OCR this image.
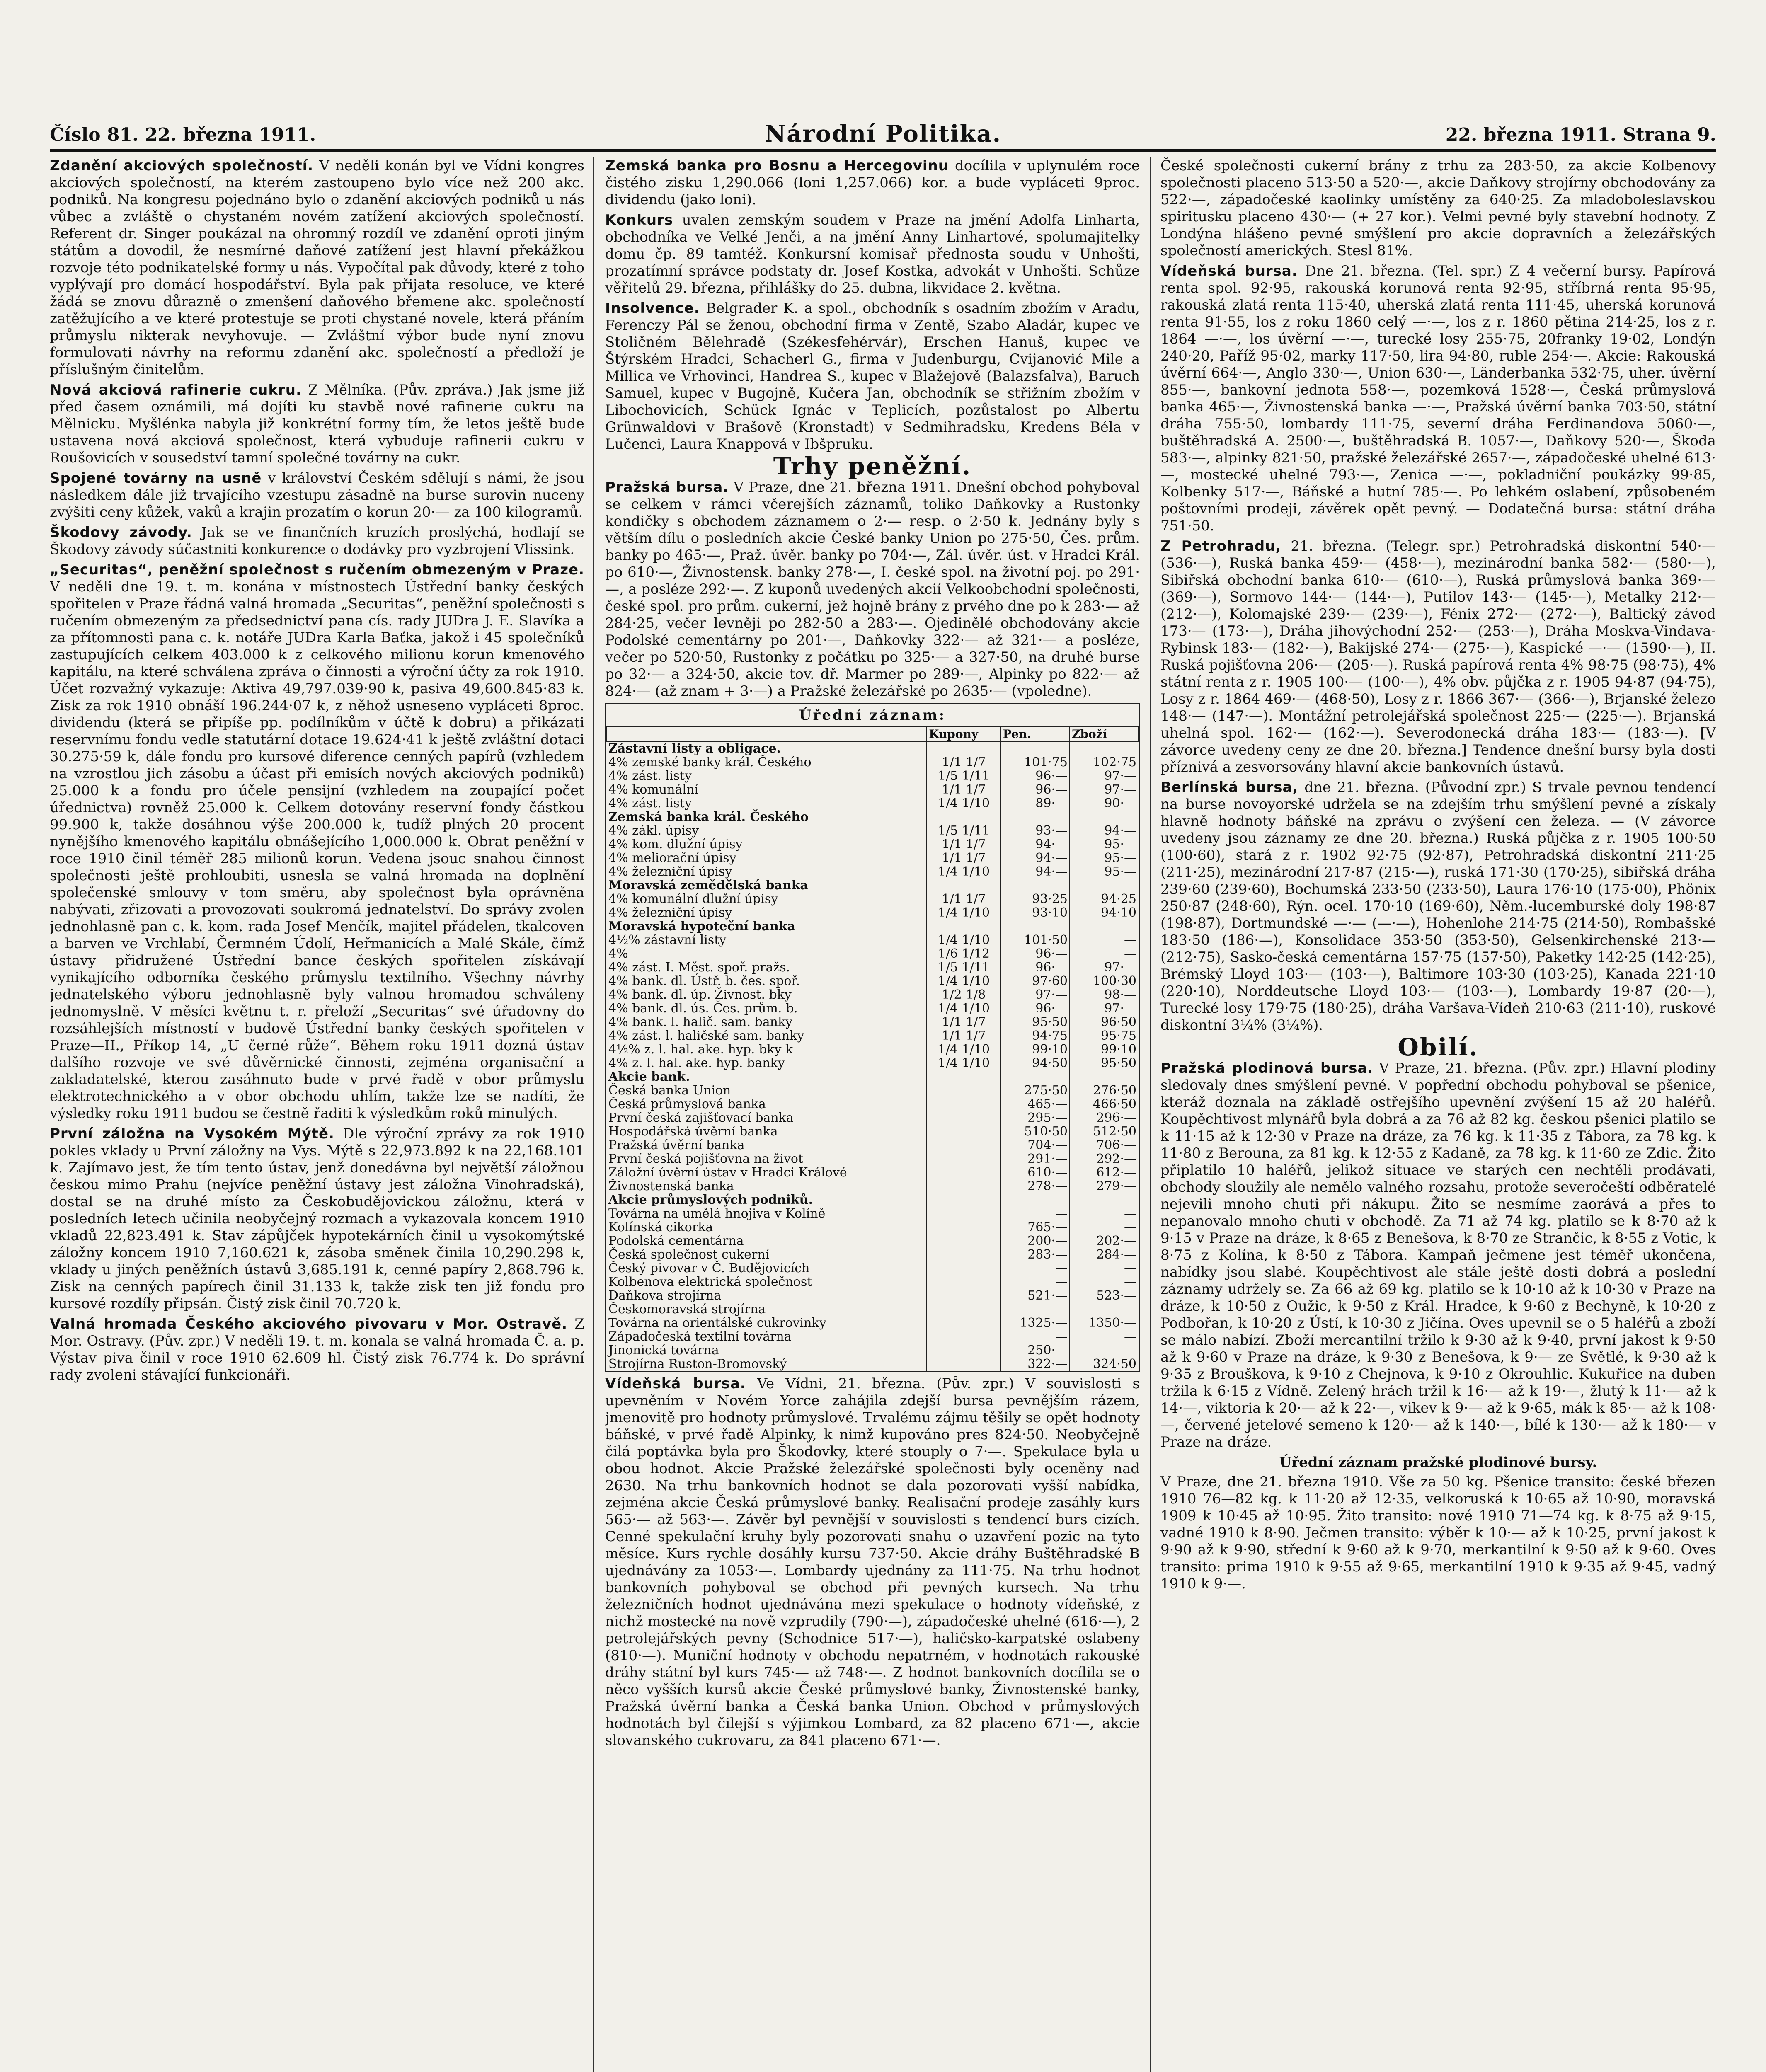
Číslo 81. 22. března 1911.	Národní Politika.	22. března 1911. Strana 9.

Zdanění akciových společností. V neděli konán byl ve Vídni kongres akciových společností, na kterém zastoupeno bylo více než 200 akc. podniků. Na kongresu pojednáno bylo o zdanění akciových podniků u nás vůbec a zvláště o chystaném novém zatížení akciových společností. Referent dr. Singer poukázal na ohromný rozdíl ve zdanění oproti jiným státům a dovodil, že nesmírné daňové zatížení jest hlavní překážkou rozvoje této podnikatelské formy u nás. Vypočítal pak důvody, které z toho vyplývají pro domácí hospodářství. Byla pak přijata resoluce, ve které žádá se znovu důrazně o zmenšení daňového břemene akc. společností zatěžujícího a ve které protestuje se proti chystané novele, která přáním průmyslu nikterak nevyhovuje. — Zvláštní výbor bude nyní znovu formulovati návrhy na reformu zdanění akc. společností a předloží je příslušným činitelům.

Nová akciová rafinerie cukru. Z Mělníka. (Pův. zpráva.) Jak jsme již před časem oznámili, má dojíti ku stavbě nové rafinerie cukru na Mělnicku. Myšlénka nabyla již konkrétní formy tím, že letos ještě bude ustavena nová akciová společnost, která vybuduje rafinerii cukru v Roušovicích v sousedství tamní společné továrny na cukr.

Spojené továrny na usně v království Českém sdělují s námi, že jsou následkem dále již trvajícího vzestupu zásadně na burse surovin nuceny zvýšiti ceny kůžek, vaků a krajin prozatím o korun 20·— za 100 kilogramů.

Škodovy závody. Jak se ve finančních kruzích proslýchá, hodlají se Škodovy závody súčastniti konkurence o dodávky pro vyzbrojení Vlissink.

„Securitas“, peněžní společnost s ručením obmezeným v Praze. V neděli dne 19. t. m. konána v místnostech Ústřední banky českých spořitelen v Praze řádná valná hromada „Securitas“, peněžní společnosti s ručením obmezeným za předsednictví pana cís. rady JUDra J. E. Slavíka a za přítomnosti pana c. k. notáře JUDra Karla Baťka, jakož i 45 společníků zastupujících celkem 403.000 k z celkového milionu korun kmenového kapitálu, na které schválena zpráva o činnosti a výroční účty za rok 1910. Účet rozvažný vykazuje: Aktiva 49,797.039·90 k, pasiva 49,600.845·83 k. Zisk za rok 1910 obnáší 196.244·07 k, z něhož usneseno vypláceti 8proc. dividendu (která se připíše pp. podílníkům v účtě k dobru) a přikázati reservnímu fondu vedle statutární dotace 19.624·41 k ještě zvláštní dotaci 30.275·59 k, dále fondu pro kursové diference cenných papírů (vzhledem na vzrostlou jich zásobu a účast při emisích nových akciových podniků) 25.000 k a fondu pro účele pensijní (vzhledem na zoupající počet úřednictva) rovněž 25.000 k. Celkem dotovány reservní fondy částkou 99.900 k, takže dosáhnou výše 200.000 k, tudíž plných 20 procent nynějšího kmenového kapitálu obnášejícího 1,000.000 k. Obrat peněžní v roce 1910 činil téměř 285 milionů korun. Vedena jsouc snahou činnost společnosti ještě prohloubiti, usnesla se valná hromada na doplnění společenské smlouvy v tom směru, aby společnost byla oprávněna nabývati, zřizovati a provozovati soukromá jednatelství. Do správy zvolen jednohlasně pan c. k. kom. rada Josef Menčík, majitel přádelen, tkalcoven a barven ve Vrchlabí, Čermném Údolí, Heřmanicích a Malé Skále, čímž ústavy přidružené Ústřední bance českých spořitelen získávají vynikajícího odborníka českého průmyslu textilního. Všechny návrhy jednatelského výboru jednohlasně byly valnou hromadou schváleny jednomyslně. V měsíci květnu t. r. přeloží „Securitas“ své úřadovny do rozsáhlejších místností v budově Ústřední banky českých spořitelen v Praze—II., Příkop 14, „U černé růže“. Během roku 1911 dozná ústav dalšího rozvoje ve své důvěrnické činnosti, zejména organisační a zakladatelské, kterou zasáhnuto bude v prvé řadě v obor průmyslu elektrotechnického a v obor obchodu uhlím, takže lze se nadíti, že výsledky roku 1911 budou se čestně řaditi k výsledkům roků minulých.

První záložna na Vysokém Mýtě. Dle výroční zprávy za rok 1910 pokles vklady u První záložny na Vys. Mýtě s 22,973.892 k na 22,168.101 k. Zajímavo jest, že tím tento ústav, jenž donedávna byl největší záložnou českou mimo Prahu (nejvíce peněžní ústavy jest záložna Vinohradská), dostal se na druhé místo za Českobudějovickou záložnu, která v posledních letech učinila neobyčejný rozmach a vykazovala koncem 1910 vkladů 22,823.491 k. Stav zápůjček hypotekárních činil u vysokomýtské záložny koncem 1910 7,160.621 k, zásoba směnek činila 10,290.298 k, vklady u jiných peněžních ústavů 3,685.191 k, cenné papíry 2,868.796 k. Zisk na cenných papírech činil 31.133 k, takže zisk ten již fondu pro kursové rozdíly připsán. Čistý zisk činil 70.720 k.

Valná hromada Českého akciového pivovaru v Mor. Ostravě. Z Mor. Ostravy. (Pův. zpr.) V neděli 19. t. m. konala se valná hromada Č. a. p. Výstav piva činil v roce 1910 62.609 hl. Čistý zisk 76.774 k. Do správní rady zvoleni stávající funkcionáři.

Zemská banka pro Bosnu a Hercegovinu docílila v uplynulém roce čistého zisku 1,290.066 (loni 1,257.066) kor. a bude vypláceti 9proc. dividendu (jako loni).

Konkurs uvalen zemským soudem v Praze na jmění Adolfa Linharta, obchodníka ve Velké Jenči, a na jmění Anny Linhartové, spolumajitelky domu čp. 89 tamtéž. Konkursní komisař přednosta soudu v Unhošti, prozatímní správce podstaty dr. Josef Kostka, advokát v Unhošti. Schůze věřitelů 29. března, přihlášky do 25. dubna, likvidace 2. května.

Insolvence. Belgrader K. a spol., obchodník s osadním zbožím v Aradu, Ferenczy Pál se ženou, obchodní firma v Zentě, Szabo Aladár, kupec ve Stoličném Bělehradě (Székesfehérvár), Erschen Hanuš, kupec ve Štýrském Hradci, Schacherl G., firma v Judenburgu, Cvijanović Mile a Millica ve Vrhovinci, Handrea S., kupec v Blažejově (Balazsfalva), Baruch Samuel, kupec v Bugojně, Kučera Jan, obchodník se střižním zbožím v Libochovicích, Schück Ignác v Teplicích, pozůstalost po Albertu Grünwaldovi v Brašově (Kronstadt) v Sedmihradsku, Kredens Béla v Lučenci, Laura Knappová v Ibšpruku.

Trhy peněžní.

Pražská bursa. V Praze, dne 21. března 1911. Dnešní obchod pohyboval se celkem v rámci včerejších záznamů, toliko Daňkovky a Rustonky kondičky s obchodem záznamem o 2·— resp. o 2·50 k. Jednány byly s větším dílu o posledních akcie České banky Union po 275·50, Čes. prům. banky po 465·—, Praž. úvěr. banky po 704·—, Zál. úvěr. úst. v Hradci Král. po 610·—, Živnostensk. banky 278·—, I. české spol. na životní poj. po 291·—, a posléze 292·—. Z kuponů uvedených akcií Velkoobchodní společnosti, české spol. pro prům. cukerní, jež hojně brány z prvého dne po k 283·— až 284·25, večer levněji po 282·50 a 283·—. Ojedinělé obchodovány akcie Podolské cementárny po 201·—, Daňkovky 322·— až 321·— a posléze, večer po 520·50, Rustonky z počátku po 325·— a 327·50, na druhé burse po 32·— a 324·50, akcie tov. dř. Marmer po 289·—, Alpinky po 822·— až 824·— (až znam + 3·—) a Pražské železářské po 2635·— (vpoledne).

Úřední záznam:
	Kupony	Pen.	Zboží
Zástavní listy a obligace.			
4% zemské banky král. Českého	1/1 1/7	101·75	102·75
4% zást. listy	1/5 1/11	96·—	97·—
4% komunální	1/1 1/7	96·—	97·—
4% zást. listy	1/4 1/10	89·—	90·—
Zemská banka král. Českého			
4% zákl. úpisy	1/5 1/11	93·—	94·—
4% kom. dlužní úpisy	1/1 1/7	94·—	95·—
4% meliorační úpisy	1/1 1/7	94·—	95·—
4% železniční úpisy	1/4 1/10	94·—	95·—
Moravská zemědělská banka			
4% komunální dlužní úpisy	1/1 1/7	93·25	94·25
4% železniční úpisy	1/4 1/10	93·10	94·10
Moravská hypoteční banka			
4½% zástavní listy	1/4 1/10	101·50	—
4%	1/6 1/12	96·—	—
4% zást. I. Měst. spoř. pražs.	1/5 1/11	96·—	97·—
4% bank. dl. Ústř. b. čes. spoř.	1/4 1/10	97·60	100·30
4% bank. dl. úp. Živnost. bky	1/2 1/8	97·—	98·—
4% bank. dl. ús. Čes. prům. b.	1/4 1/10	96·—	97·—
4% bank. l. halič. sam. banky	1/1 1/7	95·50	96·50
4% zást. l. haličské sam. banky	1/1 1/7	94·75	95·75
4½% z. l. hal. ake. hyp. bky k	1/4 1/10	99·10	99·10
4% z. l. hal. ake. hyp. banky	1/4 1/10	94·50	95·50
Akcie bank.			
Česká banka Union		275·50	276·50
Česká průmyslová banka		465·—	466·50
První česká zajišťovací banka		295·—	296·—
Hospodářská úvěrní banka		510·50	512·50
Pražská úvěrní banka		704·—	706·—
První česká pojišťovna na život		291·—	292·—
Záložní úvěrní ústav v Hradci Králové		610·—	612·—
Živnostenská banka		278·—	279·—
Akcie průmyslových podniků.			
Továrna na umělá hnojiva v Kolíně		—	—
Kolínská cikorka		765·—	—
Podolská cementárna		200·—	202·—
Česká společnost cukerní		283·—	284·—
Český pivovar v Č. Budějovicích		—	—
Kolbenova elektrická společnost		—	—
Daňkova strojírna		521·—	523·—
Českomoravská strojírna		—	—
Továrna na orientálské cukrovinky		1325·—	1350·—
Západočeská textilní továrna		—	—
Jinonická továrna		250·—	—
Strojírna Ruston-Bromovský		322·—	324·50

Vídeňská bursa. Ve Vídni, 21. března. (Pův. zpr.) V souvislosti s upevněním v Novém Yorce zahájila zdejší bursa pevnějším rázem, jmenovitě pro hodnoty průmyslové. Trvalému zájmu těšily se opět hodnoty báňské, v prvé řadě Alpinky, k nimž kupováno pres 824·50. Neobyčejně čilá poptávka byla pro Škodovky, které stouply o 7·—. Spekulace byla u obou hodnot. Akcie Pražské železářské společnosti byly oceněny nad 2630. Na trhu bankovních hodnot se dala pozorovati vyšší nabídka, zejména akcie Česká průmyslové banky. Realisační prodeje zasáhly kurs 565·— až 563·—. Závěr byl pevnější v souvislosti s tendencí burs cizích. Cenné spekulační kruhy byly pozorovati snahu o uzavření pozic na tyto měsíce. Kurs rychle dosáhly kursu 737·50. Akcie dráhy Buštěhradské B ujednávány za 1053·—. Lombardy ujednány za 111·75. Na trhu hodnot bankovních pohyboval se obchod při pevných kursech. Na trhu železničních hodnot ujednávána mezi spekulace o hodnoty vídeňské, z nichž mostecké na nově vzprudily (790·—), západočeské uhelné (616·—), 2 petrolejářských pevny (Schodnice 517·—), haličsko-karpatské oslabeny (810·—). Muniční hodnoty v obchodu nepatrném, v hodnotách rakouské dráhy státní byl kurs 745·— až 748·—. Z hodnot bankovních docílila se o něco vyšších kursů akcie České průmyslové banky, Živnostenské banky, Pražská úvěrní banka a Česká banka Union. Obchod v průmyslových hodnotách byl čilejší s výjimkou Lombard, za 82 placeno 671·—, akcie slovanského cukrovaru, za 841 placeno 671·—.

České společnosti cukerní brány z trhu za 283·50, za akcie Kolbenovy společnosti placeno 513·50 a 520·—, akcie Daňkovy strojírny obchodovány za 522·—, západočeské kaolinky umístěny za 640·25. Za mladoboleslavskou spiritusku placeno 430·— (+ 27 kor.). Velmi pevné byly stavební hodnoty. Z Londýna hlášeno pevné smýšlení pro akcie dopravních a železářských společností amerických. Stesl 81%.

Vídeňská bursa. Dne 21. března. (Tel. spr.) Z 4 večerní bursy. Papírová renta spol. 92·95, rakouská korunová renta 92·95, stříbrná renta 95·95, rakouská zlatá renta 115·40, uherská zlatá renta 111·45, uherská korunová renta 91·55, los z roku 1860 celý —·—, los z r. 1860 pětina 214·25, los z r. 1864 —·—, los úvěrní —·—, turecké losy 255·75, 20franky 19·02, Londýn 240·20, Paříž 95·02, marky 117·50, lira 94·80, ruble 254·—. Akcie: Rakouská úvěrní 664·—, Anglo 330·—, Union 630·—, Länderbanka 532·75, uher. úvěrní 855·—, bankovní jednota 558·—, pozemková 1528·—, Česká průmyslová banka 465·—, Živnostenská banka —·—, Pražská úvěrní banka 703·50, státní dráha 755·50, lombardy 111·75, severní dráha Ferdinandova 5060·—, buštěhradská A. 2500·—, buštěhradská B. 1057·—, Daňkovy 520·—, Škoda 583·—, alpinky 821·50, pražské železářské 2657·—, západočeské uhelné 613·—, mostecké uhelné 793·—, Zenica —·—, pokladniční poukázky 99·85, Kolbenky 517·—, Báňské a hutní 785·—. Po lehkém oslabení, způsobeném poštovními prodeji, závěrek opět pevný. — Dodatečná bursa: státní dráha 751·50.

Z Petrohradu, 21. března. (Telegr. spr.) Petrohradská diskontní 540·— (536·—), Ruská banka 459·— (458·—), mezinárodní banka 582·— (580·—), Sibiřská obchodní banka 610·— (610·—), Ruská průmyslová banka 369·— (369·—), Sormovo 144·— (144·—), Putilov 143·— (145·—), Metalky 212·— (212·—), Kolomajské 239·— (239·—), Fénix 272·— (272·—), Baltický závod 173·— (173·—), Dráha jihovýchodní 252·— (253·—), Dráha Moskva-Vindava-Rybinsk 183·— (182·—), Bakijské 274·— (275·—), Kaspické —·— (1590·—), II. Ruská pojišťovna 206·— (205·—). Ruská papírová renta 4% 98·75 (98·75), 4% státní renta z r. 1905 100·— (100·—), 4% obv. půjčka z r. 1905 94·87 (94·75), Losy z r. 1864 469·— (468·50), Losy z r. 1866 367·— (366·—), Brjanské železo 148·— (147·—). Montážní petrolejářská společnost 225·— (225·—). Brjanská uhelná spol. 162·— (162·—). Severodonecká dráha 183·— (183·—). [V závorce uvedeny ceny ze dne 20. března.] Tendence dnešní bursy byla dosti příznivá a zesvorsovány hlavní akcie bankovních ústavů.

Berlínská bursa, dne 21. března. (Původní zpr.) S trvale pevnou tendencí na burse novoyorské udržela se na zdejším trhu smýšlení pevné a získaly hlavně hodnoty báňské na zprávu o zvýšení cen železa. — (V závorce uvedeny jsou záznamy ze dne 20. března.) Ruská půjčka z r. 1905 100·50 (100·60), stará z r. 1902 92·75 (92·87), Petrohradská diskontní 211·25 (211·25), mezinárodní 217·87 (215·—), ruská 171·30 (170·25), sibiřská dráha 239·60 (239·60), Bochumská 233·50 (233·50), Laura 176·10 (175·00), Phönix 250·87 (248·60), Rýn. ocel. 170·10 (169·60), Něm.-lucemburské doly 198·87 (198·87), Dortmundské —·— (—·—), Hohenlohe 214·75 (214·50), Rombašské 183·50 (186·—), Konsolidace 353·50 (353·50), Gelsenkirchenské 213·— (212·75), Sasko-česká cementárna 157·75 (157·50), Paketky 142·25 (142·25), Brémský Lloyd 103·— (103·—), Baltimore 103·30 (103·25), Kanada 221·10 (220·10), Norddeutsche Lloyd 103·— (103·—), Lombardy 19·87 (20·—), Turecké losy 179·75 (180·25), dráha Varšava-Vídeň 210·63 (211·10), ruskové diskontní 3¼% (3¼%).

Obilí.

Pražská plodinová bursa. V Praze, 21. března. (Pův. zpr.) Hlavní plodiny sledovaly dnes smýšlení pevné. V popřední obchodu pohyboval se pšenice, kteráž doznala na základě ostřejšího upevnění zvýšení 15 až 20 haléřů. Koupěchtivost mlynářů byla dobrá a za 76 až 82 kg. českou pšenici platilo se k 11·15 až k 12·30 v Praze na dráze, za 76 kg. k 11·35 z Tábora, za 78 kg. k 11·80 z Berouna, za 81 kg. k 12·55 z Kadaně, za 78 kg. k 11·60 ze Zdic. Žito připlatilo 10 haléřů, jelikož situace ve starých cen nechtěli prodávati, obchody sloužily ale nemělo valného rozsahu, protože severočeští odběratelé nejevili mnoho chuti při nákupu. Žito se nesmíme zaorává a přes to nepanovalo mnoho chuti v obchodě. Za 71 až 74 kg. platilo se k 8·70 až k 9·15 v Praze na dráze, k 8·65 z Benešova, k 8·70 ze Strančic, k 8·55 z Votic, k 8·75 z Kolína, k 8·50 z Tábora. Kampaň ječmene jest téměř ukončena, nabídky jsou slabé. Koupěchtivost ale stále ještě dosti dobrá a poslední záznamy udržely se. Za 66 až 69 kg. platilo se k 10·10 až k 10·30 v Praze na dráze, k 10·50 z Oužic, k 9·50 z Král. Hradce, k 9·60 z Bechyně, k 10·20 z Podbořan, k 10·20 z Ústí, k 10·30 z Jičína. Oves upevnil se o 5 haléřů a zboží se málo nabízí. Zboží mercantilní tržilo k 9·30 až k 9·40, první jakost k 9·50 až k 9·60 v Praze na dráze, k 9·30 z Benešova, k 9·— ze Světlé, k 9·30 až k 9·35 z Brouškova, k 9·10 z Chejnova, k 9·10 z Okrouhlic. Kukuřice na duben tržila k 6·15 z Vídně. Zelený hrách tržil k 16·— až k 19·—, žlutý k 11·— až k 14·—, viktoria k 20·— až k 22·—, vikev k 9·— až k 9·65, mák k 85·— až k 108·—, červené jetelové semeno k 120·— až k 140·—, bílé k 130·— až k 180·— v Praze na dráze.

Úřední záznam pražské plodinové bursy.

V Praze, dne 21. března 1910. Vše za 50 kg. Pšenice transito: české březen 1910 76—82 kg. k 11·20 až 12·35, velkoruská k 10·65 až 10·90, moravská 1909 k 10·45 až 10·95. Žito transito: nové 1910 71—74 kg. k 8·75 až 9·15, vadné 1910 k 8·90. Ječmen transito: výběr k 10·— až k 10·25, první jakost k 9·90 až k 9·90, střední k 9·60 až k 9·70, merkantilní k 9·50 až k 9·60. Oves transito: prima 1910 k 9·55 až 9·65, merkantilní 1910 k 9·35 až 9·45, vadný 1910 k 9·—.
